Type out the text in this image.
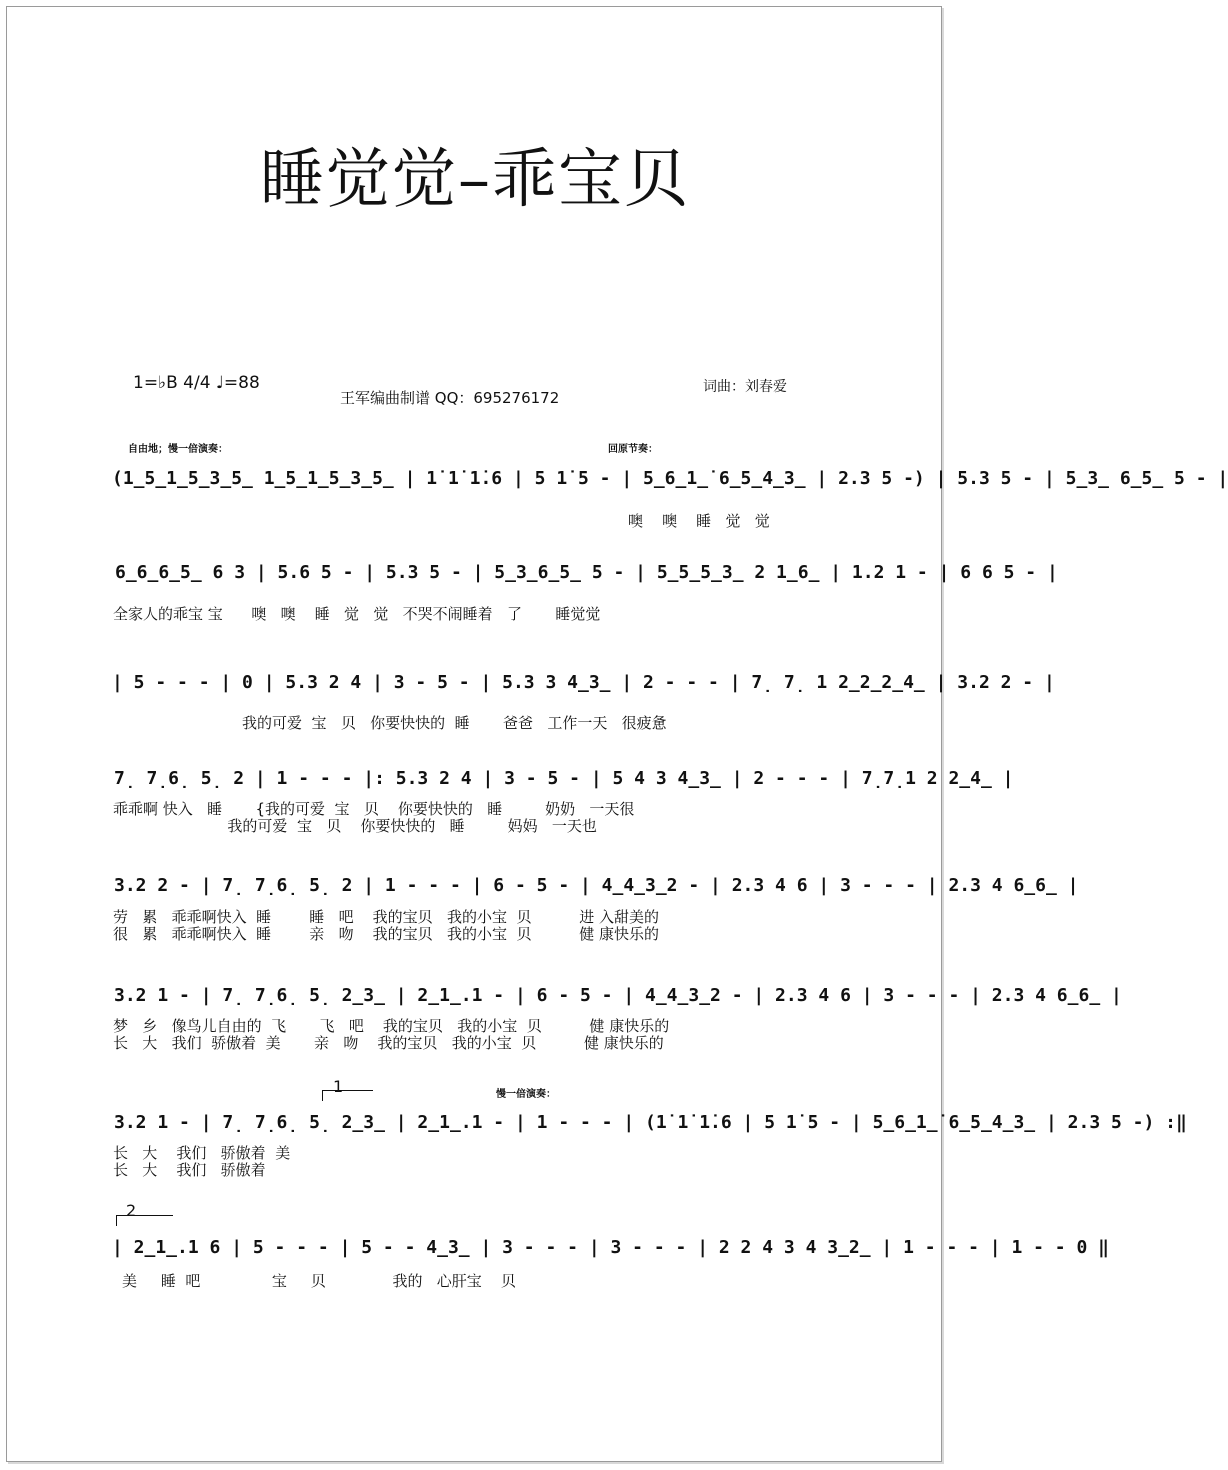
睡觉觉–乖宝贝
1=♭B 4/4 ♩=88
王军编曲制谱 QQ：695276172
词曲：刘春爱
自由地；慢一倍演奏：	回原节奏：
慢一倍演奏：
(1̲5̲1̲5̲3̲5̲ 1̲5̲1̲5̲3̲5̲ | 1̇ 1̇ 1̇.6 | 5 1̇ 5 - | 5̲6̲1̲̇ 6̲5̲4̲3̲ | 2.3 5 -) | 5.3 5 - | 5̲3̲ 6̲5̲ 5 - |
噢    噢    睡   觉   觉
6̲6̲6̲5̲ 6 3 | 5.6 5 - | 5.3 5 - | 5̲3̲6̲5̲ 5 - | 5̲5̲5̲3̲ 2 1̲6̲ | 1.2 1 - | 6 6 5 - |
全家人的乖宝 宝      噢   噢    睡   觉   觉   不哭不闹睡着   了       睡觉觉
| 5 - - - | 0 | 5.3 2 4 | 3 - 5 - | 5.3 3 4̲3̲ | 2 - - - | 7̣ 7̣ 1 2̲2̲2̲4̲ | 3.2 2 - |
我的可爱  宝   贝   你要快快的  睡       爸爸   工作一天   很疲惫
7̣ 7̣6̣ 5̣ 2 | 1 - - - |: 5.3 2 4 | 3 - 5 - | 5 4 3 4̲3̲ | 2 - - - | 7̣7̣1 2 2̲4̲ |
乖乖啊 快入   睡       {我的可爱  宝   贝    你要快快的   睡         奶奶   一天很
我的可爱  宝   贝    你要快快的   睡         妈妈   一天也
3.2 2 - | 7̣ 7̣6̣ 5̣ 2 | 1 - - - | 6 - 5 - | 4̲4̲3̲2 - | 2.3 4 6 | 3 - - - | 2.3 4 6̲6̲ |
劳   累   乖乖啊快入  睡        睡   吧    我的宝贝   我的小宝  贝          进 入甜美的
很   累   乖乖啊快入  睡        亲   吻    我的宝贝   我的小宝  贝          健 康快乐的
3.2 1 - | 7̣ 7̣6̣ 5̣ 2̲3̲ | 2̲1̲.1 - | 6 - 5 - | 4̲4̲3̲2 - | 2.3 4 6 | 3 - - - | 2.3 4 6̲6̲ |
梦   乡   像鸟儿自由的  飞       飞   吧    我的宝贝   我的小宝  贝          健 康快乐的
长   大   我们  骄傲着  美       亲   吻    我的宝贝   我的小宝  贝          健 康快乐的
1
3.2 1 - | 7̣ 7̣6̣ 5̣ 2̲3̲ | 2̲1̲.1 - | 1 - - - | (1̇ 1̇ 1̇.6 | 5 1̇ 5 - | 5̲6̲1̲̇ 6̲5̲4̲3̲ | 2.3 5 -) :‖
长   大    我们   骄傲着  美
长   大    我们   骄傲着
2
| 2̲1̲.1 6 | 5 - - - | 5 - - 4̲3̲ | 3 - - - | 3 - - - | 2 2 4 3 4 3̲2̲ | 1 - - - | 1 - - 0 ‖
美     睡  吧               宝     贝              我的   心肝宝    贝
